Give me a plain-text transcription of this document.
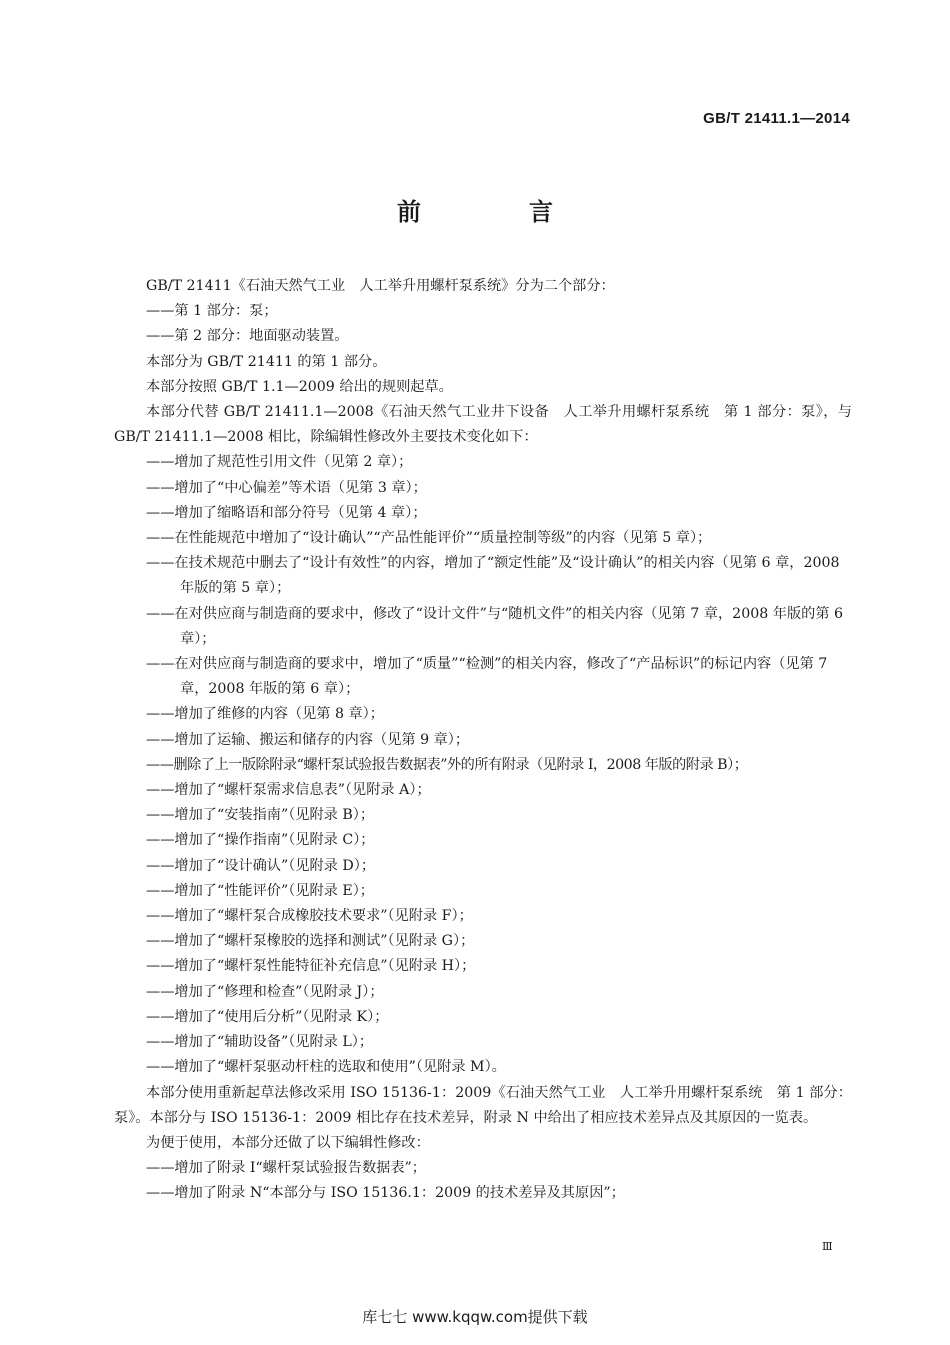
GB/T 21411.1—2014
前　言

GB/T 21411《石油天然气工业　人工举升用螺杆泵系统》分为二个部分：

——第 1 部分：泵；

——第 2 部分：地面驱动装置。

本部分为 GB/T 21411 的第 1 部分。

本部分按照 GB/T 1.1—2009 给出的规则起草。

本部分代替 GB/T 21411.1—2008《石油天然气工业井下设备　人工举升用螺杆泵系统　第 1 部分：泵》，与 GB/T 21411.1—2008 相比，除编辑性修改外主要技术变化如下：

——增加了规范性引用文件（见第 2 章）；

——增加了“中心偏差”等术语（见第 3 章）；

——增加了缩略语和部分符号（见第 4 章）；

——在性能规范中增加了“设计确认”“产品性能评价”“质量控制等级”的内容（见第 5 章）；

——在技术规范中删去了“设计有效性”的内容，增加了“额定性能”及“设计确认”的相关内容（见第 6 章，2008 年版的第 5 章）；

——在对供应商与制造商的要求中，修改了“设计文件”与“随机文件”的相关内容（见第 7 章，2008 年版的第 6 章）；

——在对供应商与制造商的要求中，增加了“质量”“检测”的相关内容，修改了“产品标识”的标记内容（见第 7 章，2008 年版的第 6 章）；

——增加了维修的内容（见第 8 章）；

——增加了运输、搬运和储存的内容（见第 9 章）；

——删除了上一版除附录“螺杆泵试验报告数据表”外的所有附录（见附录 I，2008 年版的附录 B）；

——增加了“螺杆泵需求信息表”（见附录 A）；

——增加了“安装指南”（见附录 B）；

——增加了“操作指南”（见附录 C）；

——增加了“设计确认”（见附录 D）；

——增加了“性能评价”（见附录 E）；

——增加了“螺杆泵合成橡胶技术要求”（见附录 F）；

——增加了“螺杆泵橡胶的选择和测试”（见附录 G）；

——增加了“螺杆泵性能特征补充信息”（见附录 H）；

——增加了“修理和检查”（见附录 J）；

——增加了“使用后分析”（见附录 K）；

——增加了“辅助设备”（见附录 L）；

——增加了“螺杆泵驱动杆柱的选取和使用”（见附录 M）。

本部分使用重新起草法修改采用 ISO 15136-1：2009《石油天然气工业　人工举升用螺杆泵系统　第 1 部分：泵》。本部分与 ISO 15136-1：2009 相比存在技术差异，附录 N 中给出了相应技术差异点及其原因的一览表。

为便于使用，本部分还做了以下编辑性修改：

——增加了附录 I“螺杆泵试验报告数据表”；

——增加了附录 N“本部分与 ISO 15136.1：2009 的技术差异及其原因”；

Ⅲ
库七七 www.kqqw.com提供下载
